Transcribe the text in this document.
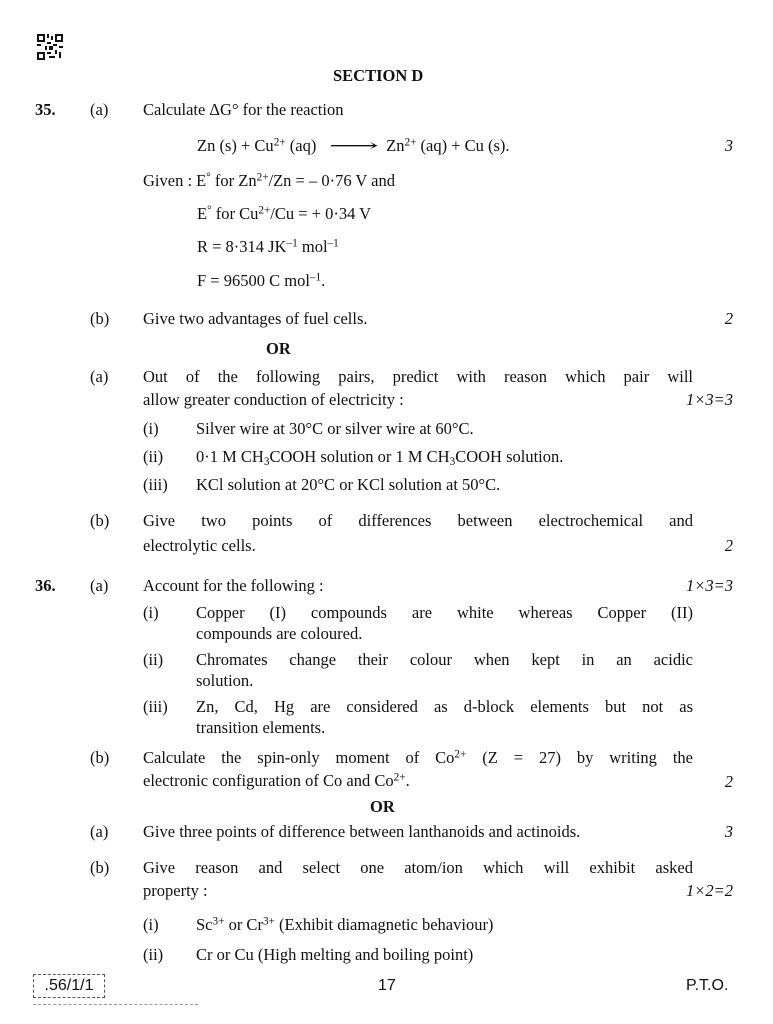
SECTION D
35. (a) Calculate ΔG° for the reaction
Zn $(s) + Cu^{2+}$ (aq) ⟶ $Zn^{2+}$ (aq) + Cu (s).	3
Given : E° for $Zn^{2+}/Zn$ = – 0·76 V and
E° for $Cu^{2+}/Cu$ = + 0·34 V
R = 8·314 $JK^{-1}$ mol$^{-1}$
F = 96500 C mol$^{-1}$.
(b) Give two advantages of fuel cells.	2
OR
(a) Out of the following pairs, predict with reason which pair will
allow greater conduction of electricity :	1×3=3
(i) Silver wire at 30°C or silver wire at 60°C.
(ii) 0·1 M $CH_3COOH$ solution or 1 M $CH_3COOH$ solution.
(iii) KCl solution at 20°C or KCl solution at 50°C.
(b) Give two points of differences between electrochemical and
electrolytic cells.	2
36. (a) Account for the following :	1×3=3
(i) Copper (I) compounds are white whereas Copper (II)
compounds are coloured.
(ii) Chromates change their colour when kept in an acidic
solution.
(iii) Zn, Cd, Hg are considered as d-block elements but not as
transition elements.
(b) Calculate the spin-only moment of $Co^{2+}$ (Z = 27) by writing the
electronic configuration of Co and $Co^{2+}$.	2
OR
(a) Give three points of difference between lanthanoids and actinoids.	3
(b) Give reason and select one atom/ion which will exhibit asked
property :	1×2=2
(i) $Sc^{3+}$ or $Cr^{3+}$ (Exhibit diamagnetic behaviour)
(ii) Cr or Cu (High melting and boiling point)
.56/1/1	17	P.T.O.
